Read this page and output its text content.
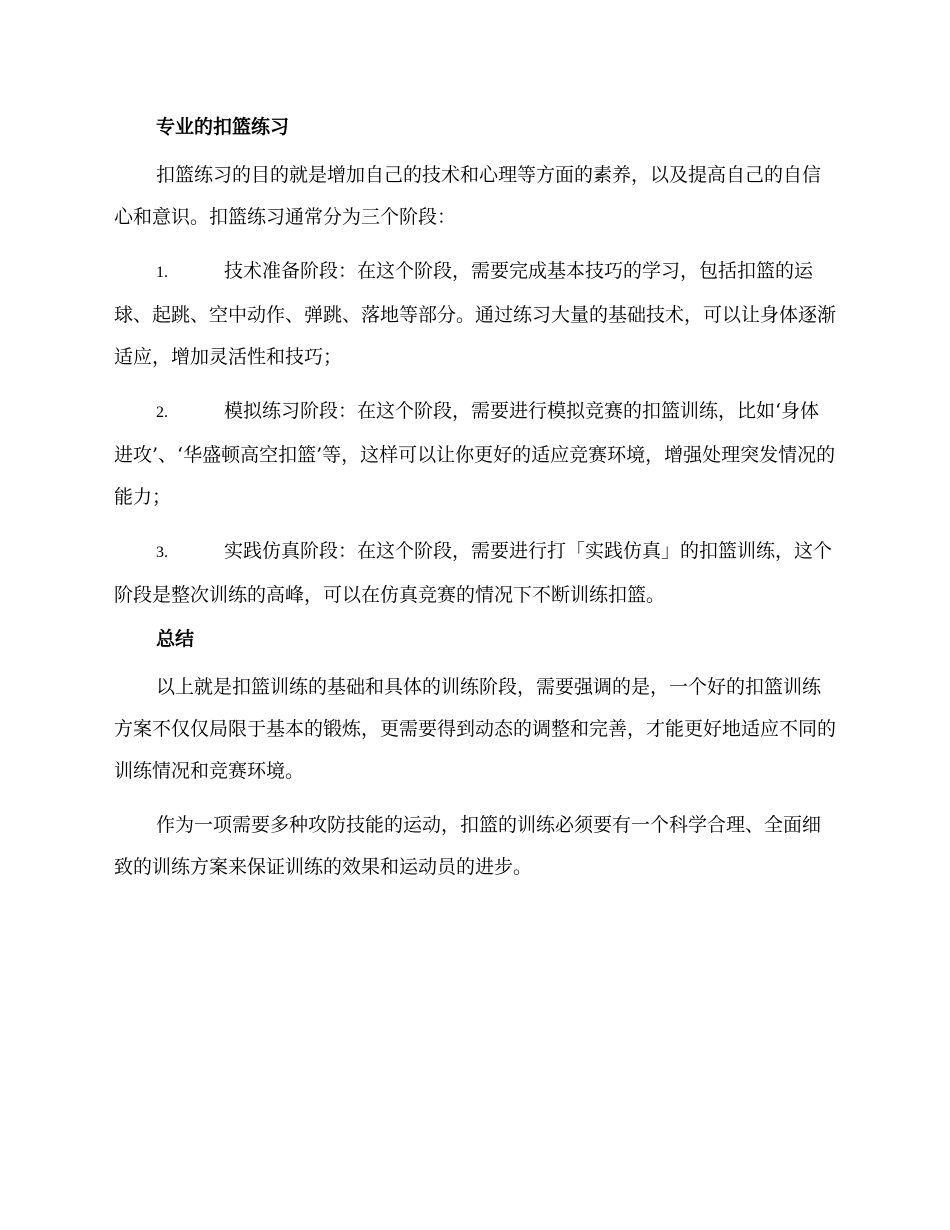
专业的扣篮练习

扣篮练习的目的就是增加自己的技术和心理等方面的素养，以及提高自己的自信心和意识。扣篮练习通常分为三个阶段：

1.	技术准备阶段：在这个阶段，需要完成基本技巧的学习，包括扣篮的运球、起跳、空中动作、弹跳、落地等部分。通过练习大量的基础技术，可以让身体逐渐适应，增加灵活性和技巧；

2.	模拟练习阶段：在这个阶段，需要进行模拟竞赛的扣篮训练，比如‘身体进攻’、‘华盛顿高空扣篮’等，这样可以让你更好的适应竞赛环境，增强处理突发情况的能力；

3.	实践仿真阶段：在这个阶段，需要进行打「实践仿真」的扣篮训练，这个阶段是整次训练的高峰，可以在仿真竞赛的情况下不断训练扣篮。

总结

以上就是扣篮训练的基础和具体的训练阶段，需要强调的是，一个好的扣篮训练方案不仅仅局限于基本的锻炼，更需要得到动态的调整和完善，才能更好地适应不同的训练情况和竞赛环境。

作为一项需要多种攻防技能的运动，扣篮的训练必须要有一个科学合理、全面细致的训练方案来保证训练的效果和运动员的进步。
